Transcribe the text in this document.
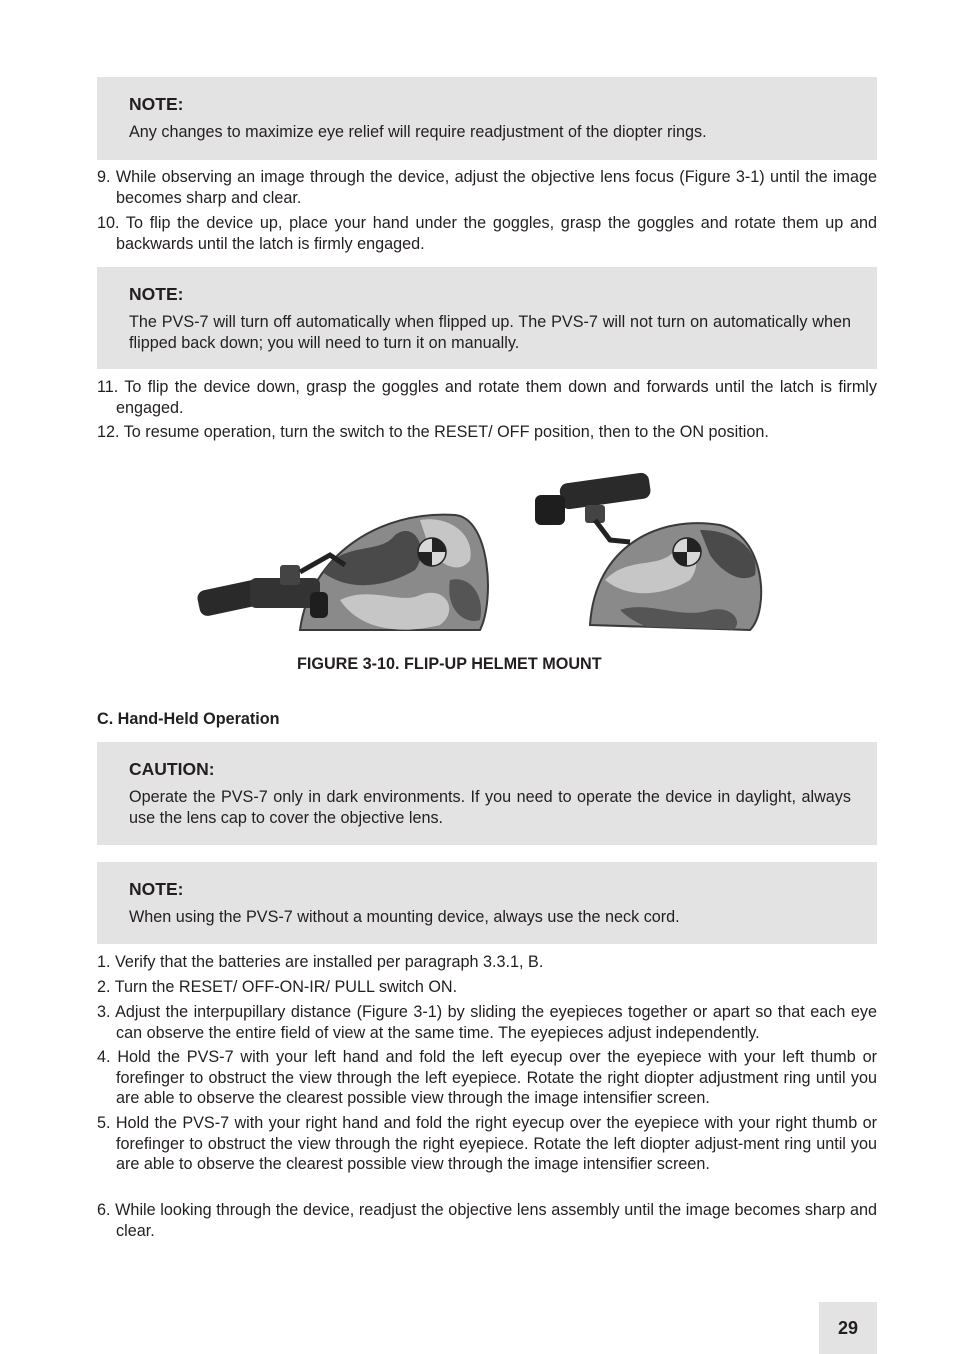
NOTE:

Any changes to maximize eye relief will require readjustment of the diopter rings.

9. While observing an image through the device, adjust the objective lens focus (Figure 3-1) until the image becomes sharp and clear.

10. To flip the device up, place your hand under the goggles, grasp the goggles and rotate them up and backwards until the latch is firmly engaged.

NOTE:

The PVS-7 will turn off automatically when flipped up. The PVS-7 will not turn on automatically when flipped back down; you will need to turn it on manually.

11. To flip the device down, grasp the goggles and rotate them down and forwards until the latch is firmly engaged.

12. To resume operation, turn the switch to the RESET/ OFF position, then to the ON position.

FIGURE 3-10. FLIP-UP HELMET MOUNT
C. Hand-Held Operation
CAUTION:

Operate the PVS-7 only in dark environments. If you need to operate the device in daylight, always use the lens cap to cover the objective lens.

NOTE:

When using the PVS-7 without a mounting device, always use the neck cord.

1. Verify that the batteries are installed per paragraph 3.3.1, B.

2. Turn the RESET/ OFF-ON-IR/ PULL switch ON.

3. Adjust the interpupillary distance (Figure 3-1) by sliding the eyepieces together or apart so that each eye can observe the entire field of view at the same time. The eyepieces adjust independently.

4. Hold the PVS-7 with your left hand and fold the left eyecup over the eyepiece with your left thumb or forefinger to obstruct the view through the left eyepiece. Rotate the right diopter adjustment ring until you are able to observe the clearest possible view through the image intensifier screen.

5. Hold the PVS-7 with your right hand and fold the right eyecup over the eyepiece with your right thumb or forefinger to obstruct the view through the right eyepiece. Rotate the left diopter adjust-ment ring until you are able to observe the clearest possible view through the image intensifier screen.

6. While looking through the device, readjust the objective lens assembly until the image becomes sharp and clear.

29
